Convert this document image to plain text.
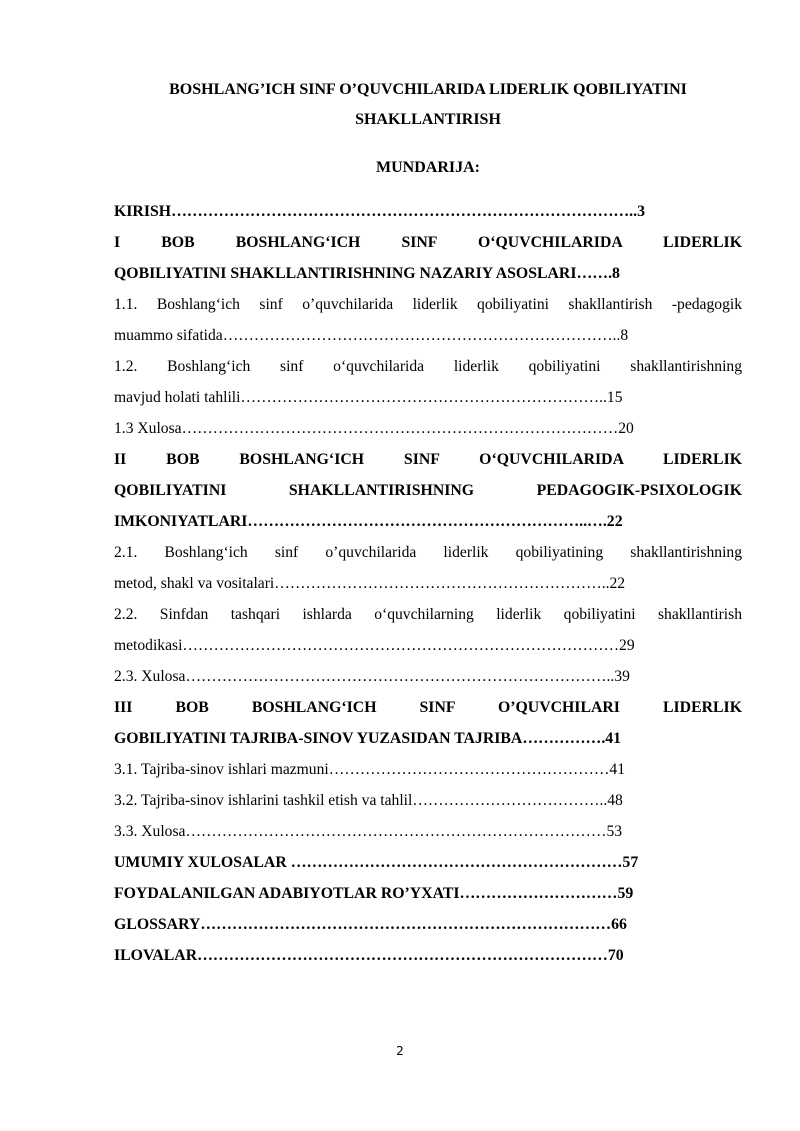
BOSHLANG’ICH SINF O’QUVCHILARIDA LIDERLIK QOBILIYATINI
SHAKLLANTIRISH
MUNDARIJA:
KIRISH……………………………………………………………………………..3
I BOB BOSHLANG‘ICH SINF O‘QUVCHILARIDA LIDERLIK
QOBILIYATINI SHAKLLANTIRISHNING NAZARIY ASOSLARI…….8
1.1. Boshlang‘ich sinf o’quvchilarida liderlik qobiliyatini shakllantirish -pedagogik
muammo sifatida…………………………………………………………………..8
1.2. Boshlang‘ich sinf o‘quvchilarida liderlik qobiliyatini shakllantirishning
mavjud holati tahlili……………………………………………………………..15
1.3 Xulosa…………………………………………………………………………20
II BOB BOSHLANG‘ICH SINF O‘QUVCHILARIDA LIDERLIK
QOBILIYATINI SHAKLLANTIRISHNING PEDAGOGIK-PSIXOLOGIK
IMKONIYATLARI………………………………………………………..….22
2.1. Boshlang‘ich sinf o’quvchilarida liderlik qobiliyatining shakllantirishning
metod, shakl va vositalari………………………………………………………..22
2.2. Sinfdan tashqari ishlarda o‘quvchilarning liderlik qobiliyatini shakllantirish
metodikasi…………………………………………………………………………29
2.3. Xulosa………………………………………………………………………..39
III BOB BOSHLANG‘ICH SINF O’QUVCHILARI LIDERLIK
GOBILIYATINI TAJRIBA-SINOV YUZASIDAN TAJRIBA…………….41
3.1. Tajriba-sinov ishlari mazmuni………………………………………………41
3.2. Tajriba-sinov ishlarini tashkil etish va tahlil………………………………..48
3.3. Xulosa………………………………………………………………………53
UMUMIY XULOSALAR ………………………………………………………57
FOYDALANILGAN ADABIYOTLAR RO’YXATI…………………………59
GLOSSARY……………………………………………………………………66
ILOVALAR……………………………………………………………………70
2
